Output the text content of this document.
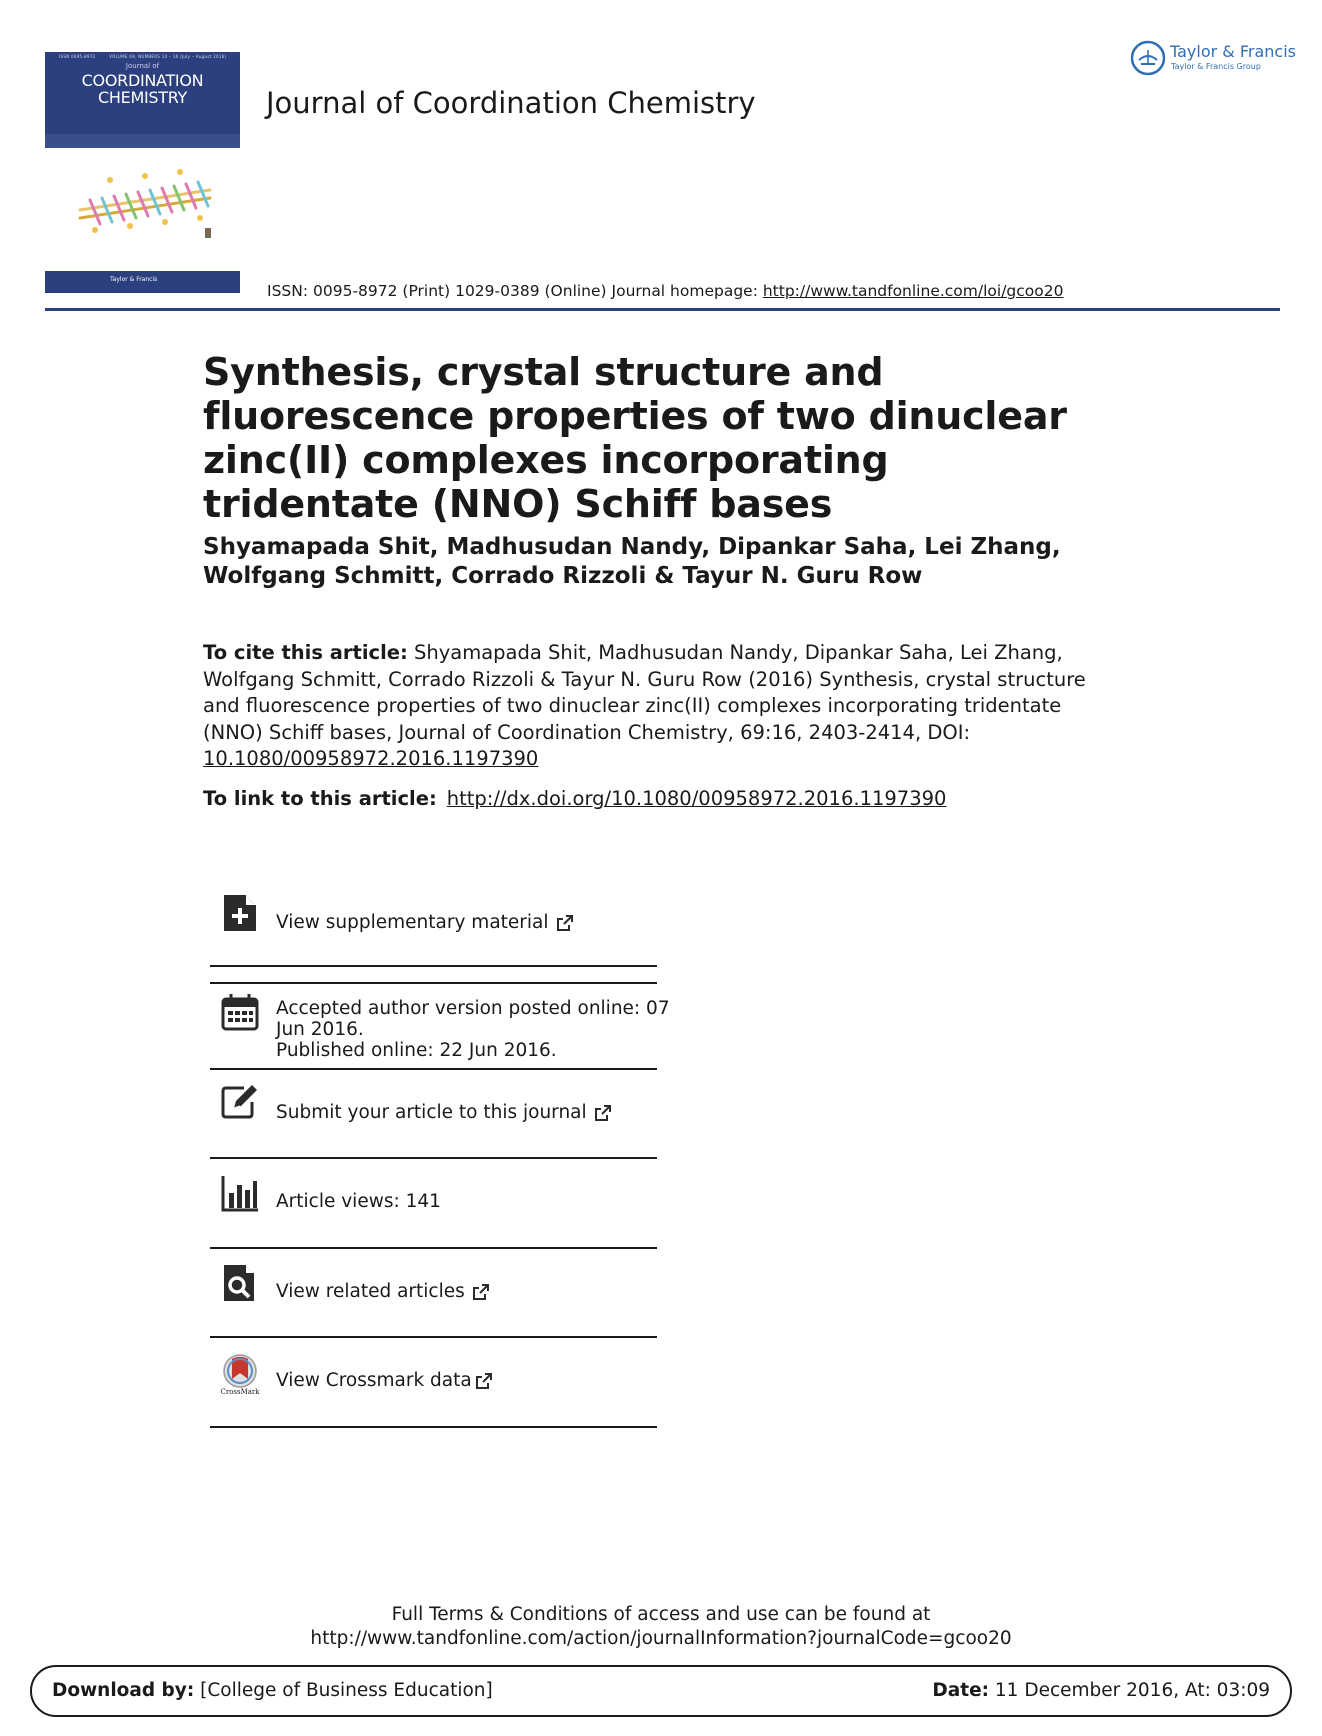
ISSN 0095-8972	VOLUME 69, NUMBERS 14 – 16 (July – August 2016)
Journal of
COORDINATION
CHEMISTRY
Taylor & Francis
Journal of Coordination Chemistry
ISSN: 0095-8972 (Print) 1029-0389 (Online) Journal homepage: http://www.tandfonline.com/loi/gcoo20
Taylor & Francis
Taylor & Francis Group
Synthesis, crystal structure and fluorescence properties of two dinuclear zinc(II) complexes incorporating tridentate (NNO) Schiff bases
Shyamapada Shit, Madhusudan Nandy, Dipankar Saha, Lei Zhang, Wolfgang Schmitt, Corrado Rizzoli & Tayur N. Guru Row
To cite this article: Shyamapada Shit, Madhusudan Nandy, Dipankar Saha, Lei Zhang, Wolfgang Schmitt, Corrado Rizzoli & Tayur N. Guru Row (2016) Synthesis, crystal structure and fluorescence properties of two dinuclear zinc(II) complexes incorporating tridentate (NNO) Schiff bases, Journal of Coordination Chemistry, 69:16, 2403-2414, DOI: 10.1080/00958972.2016.1197390
To link to this article: http://dx.doi.org/10.1080/00958972.2016.1197390
View supplementary material
Accepted author version posted online: 07
Jun 2016.
Published online: 22 Jun 2016.
Submit your article to this journal
Article views: 141
View related articles
CrossMark
View Crossmark data
Full Terms & Conditions of access and use can be found at
http://www.tandfonline.com/action/journalInformation?journalCode=gcoo20
Download by: [College of Business Education]	Date: 11 December 2016, At: 03:09
